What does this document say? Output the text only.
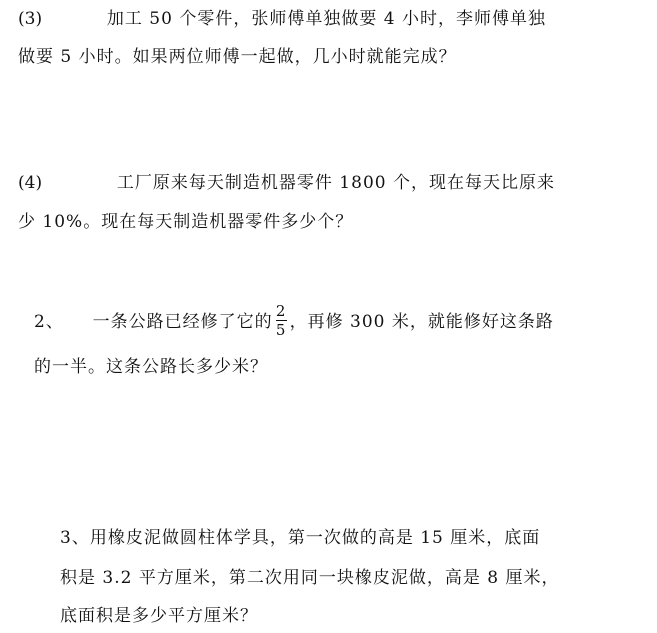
(3)	加工 50 个零件，张师傅单独做要 4 小时，李师傅单独
做要 5 小时。如果两位师傅一起做，几小时就能完成？
(4)	工厂原来每天制造机器零件 1800 个，现在每天比原来
少 10%。现在每天制造机器零件多少个？
2、 一条公路已经修了它的 $\frac{2}{5}$ ，再修 300 米，就能修好这条路
的一半。这条公路长多少米？
3、用橡皮泥做圆柱体学具，第一次做的高是 15 厘米，底面
积是 3.2 平方厘米，第二次用同一块橡皮泥做，高是 8 厘米，
底面积是多少平方厘米？
